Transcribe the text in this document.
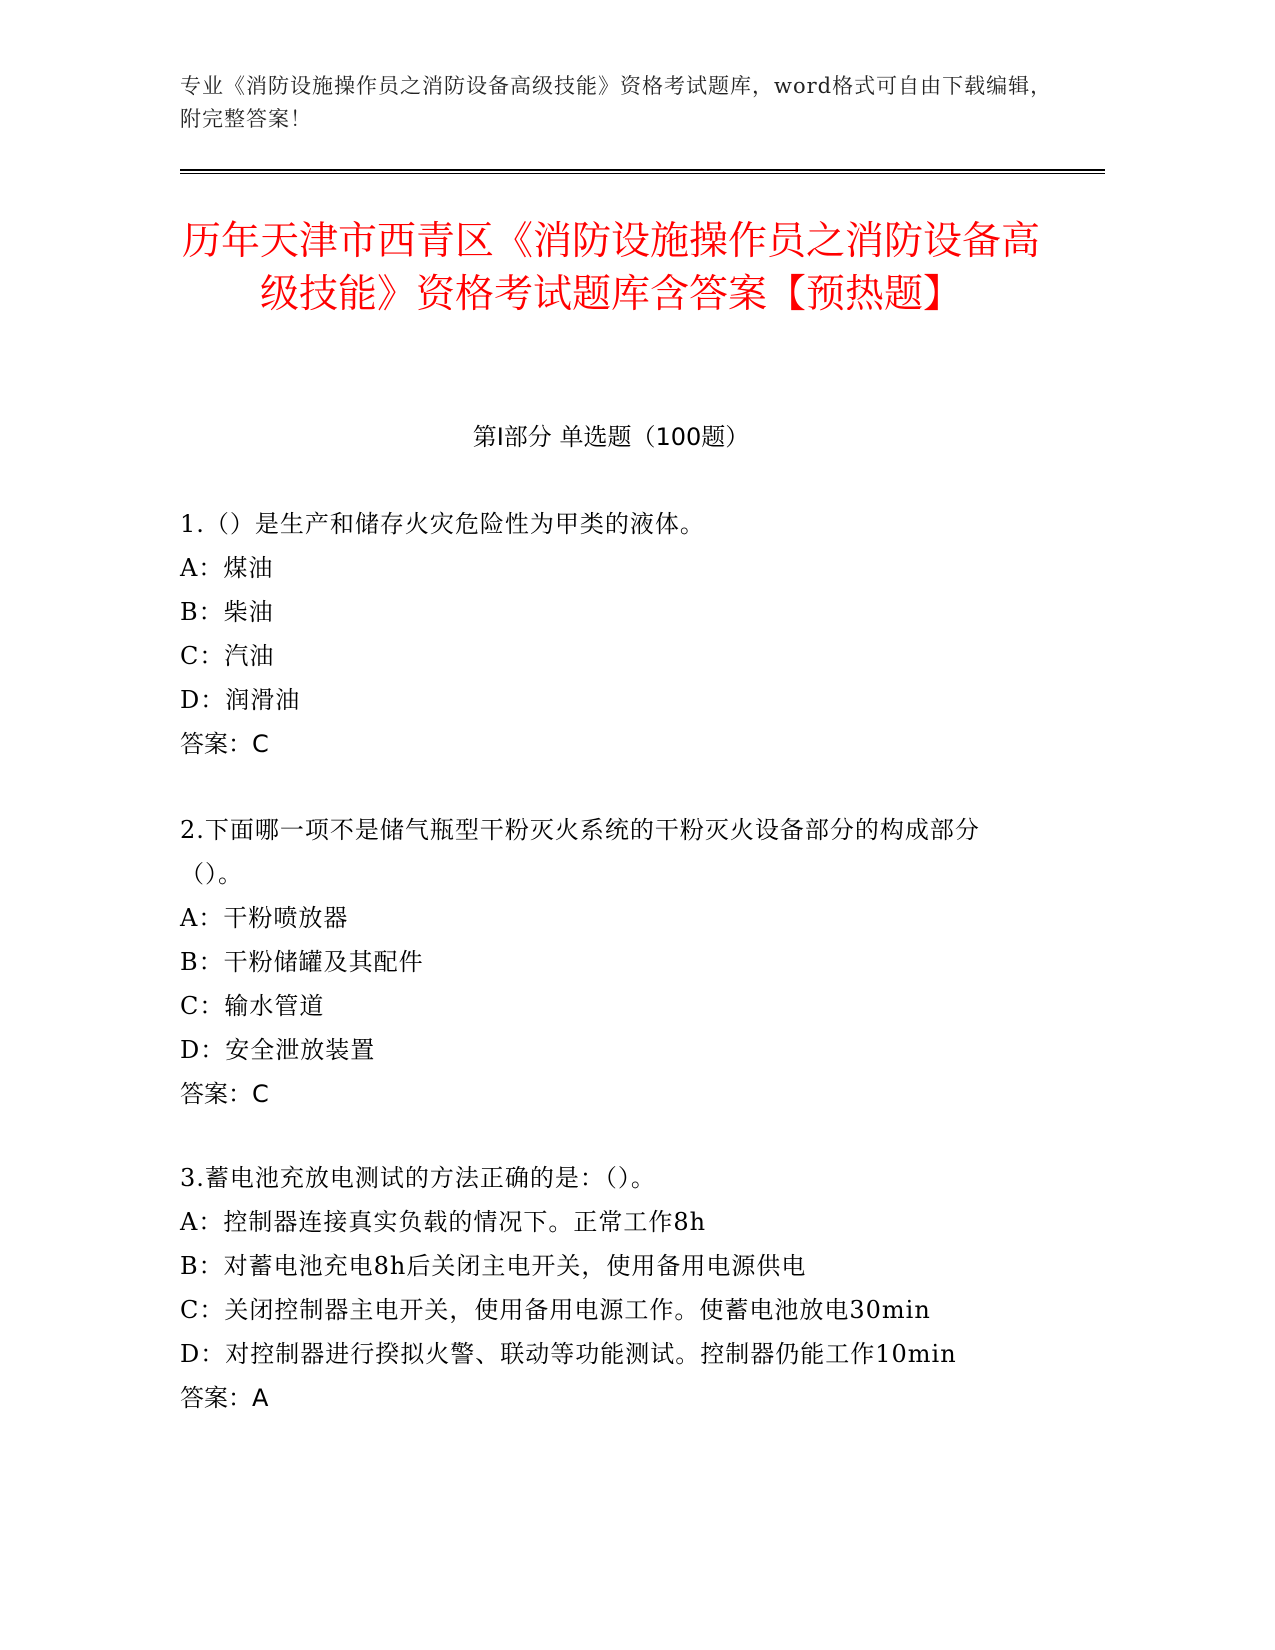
专业《消防设施操作员之消防设备高级技能》资格考试题库，word格式可自由下载编辑，附完整答案！
历年天津市西青区《消防设施操作员之消防设备高级技能》资格考试题库含答案【预热题】
第I部分 单选题（100题）
1.（）是生产和储存火灾危险性为甲类的液体。
A：煤油
B：柴油
C：汽油
D：润滑油
答案：C
2.下面哪一项不是储气瓶型干粉灭火系统的干粉灭火设备部分的构成部分（）。
A：干粉喷放器
B：干粉储罐及其配件
C：输水管道
D：安全泄放装置
答案：C
3.蓄电池充放电测试的方法正确的是：（）。
A：控制器连接真实负载的情况下。正常工作8h
B：对蓄电池充电8h后关闭主电开关，使用备用电源供电
C：关闭控制器主电开关，使用备用电源工作。使蓄电池放电30min
D：对控制器进行揆拟火警、联动等功能测试。控制器仍能工作10min
答案：A
